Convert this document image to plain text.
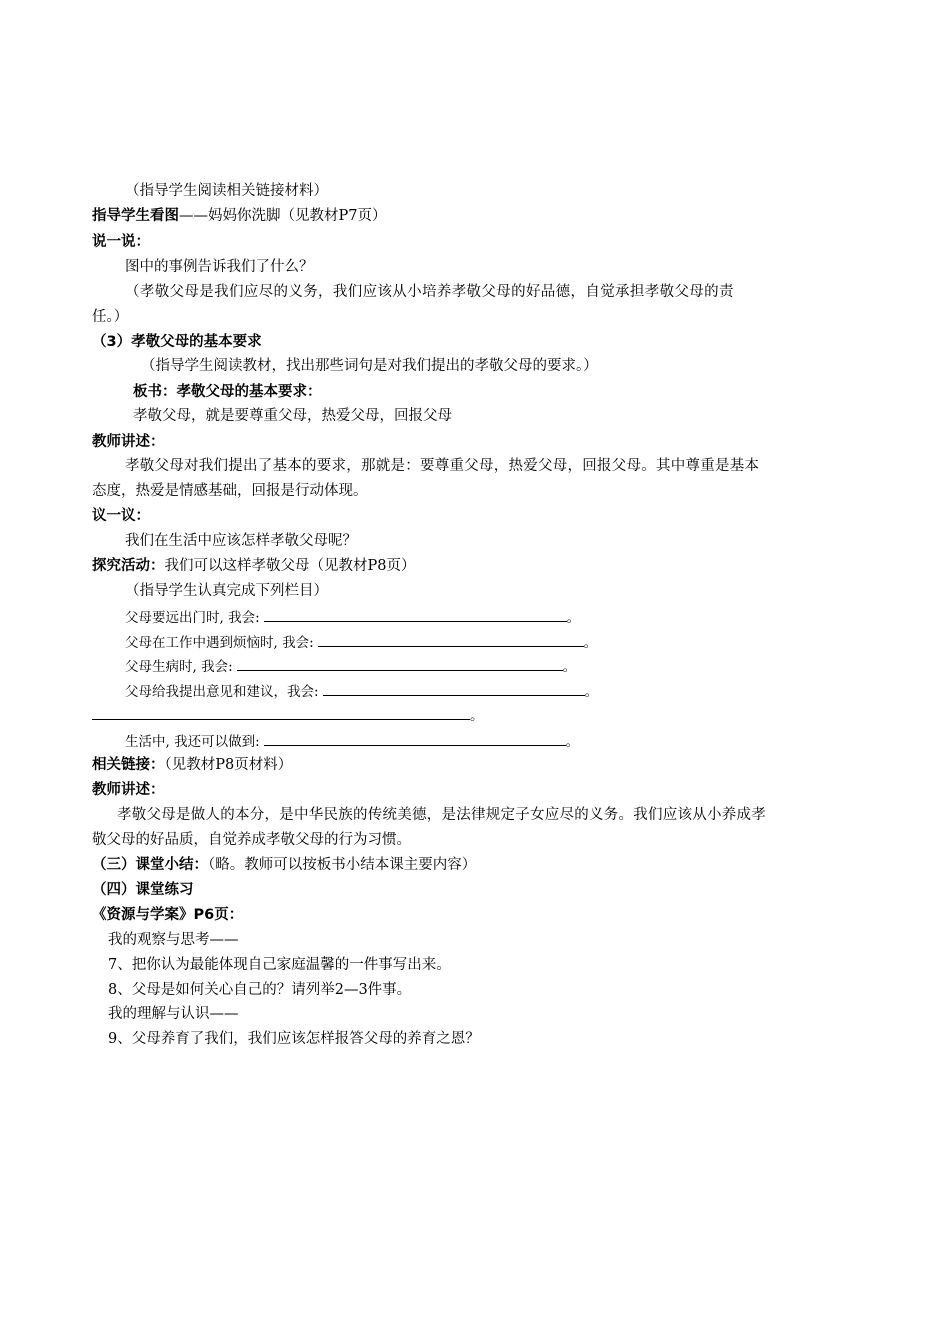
（指导学生阅读相关链接材料）
指导学生看图——妈妈你洗脚（见教材P7页）
说一说：
图中的事例告诉我们了什么？
（孝敬父母是我们应尽的义务，我们应该从小培养孝敬父母的好品德，自觉承担孝敬父母的责
任。）
（3）孝敬父母的基本要求
（指导学生阅读教材，找出那些词句是对我们提出的孝敬父母的要求。）
板书：孝敬父母的基本要求：
孝敬父母，就是要尊重父母，热爱父母，回报父母
教师讲述：
孝敬父母对我们提出了基本的要求，那就是：要尊重父母，热爱父母，回报父母。其中尊重是基本
态度，热爱是情感基础，回报是行动体现。
议一议：
我们在生活中应该怎样孝敬父母呢？
探究活动：我们可以这样孝敬父母（见教材P8页）
（指导学生认真完成下列栏目）
父母要远出门时, 我会:	。
父母在工作中遇到烦恼时, 我会:	。
父母生病时, 我会:	。
父母给我提出意见和建议，我会:	。
。
生活中, 我还可以做到:	。
相关链接：（见教材P8页材料）
教师讲述：
孝敬父母是做人的本分，是中华民族的传统美德，是法律规定子女应尽的义务。我们应该从小养成孝
敬父母的好品质，自觉养成孝敬父母的行为习惯。
（三）课堂小结：（略。教师可以按板书小结本课主要内容）
（四）课堂练习
《资源与学案》P6页：
我的观察与思考——
7、把你认为最能体现自己家庭温馨的一件事写出来。
8、父母是如何关心自己的？请列举2—3件事。
我的理解与认识——
9、父母养育了我们，我们应该怎样报答父母的养育之恩？
